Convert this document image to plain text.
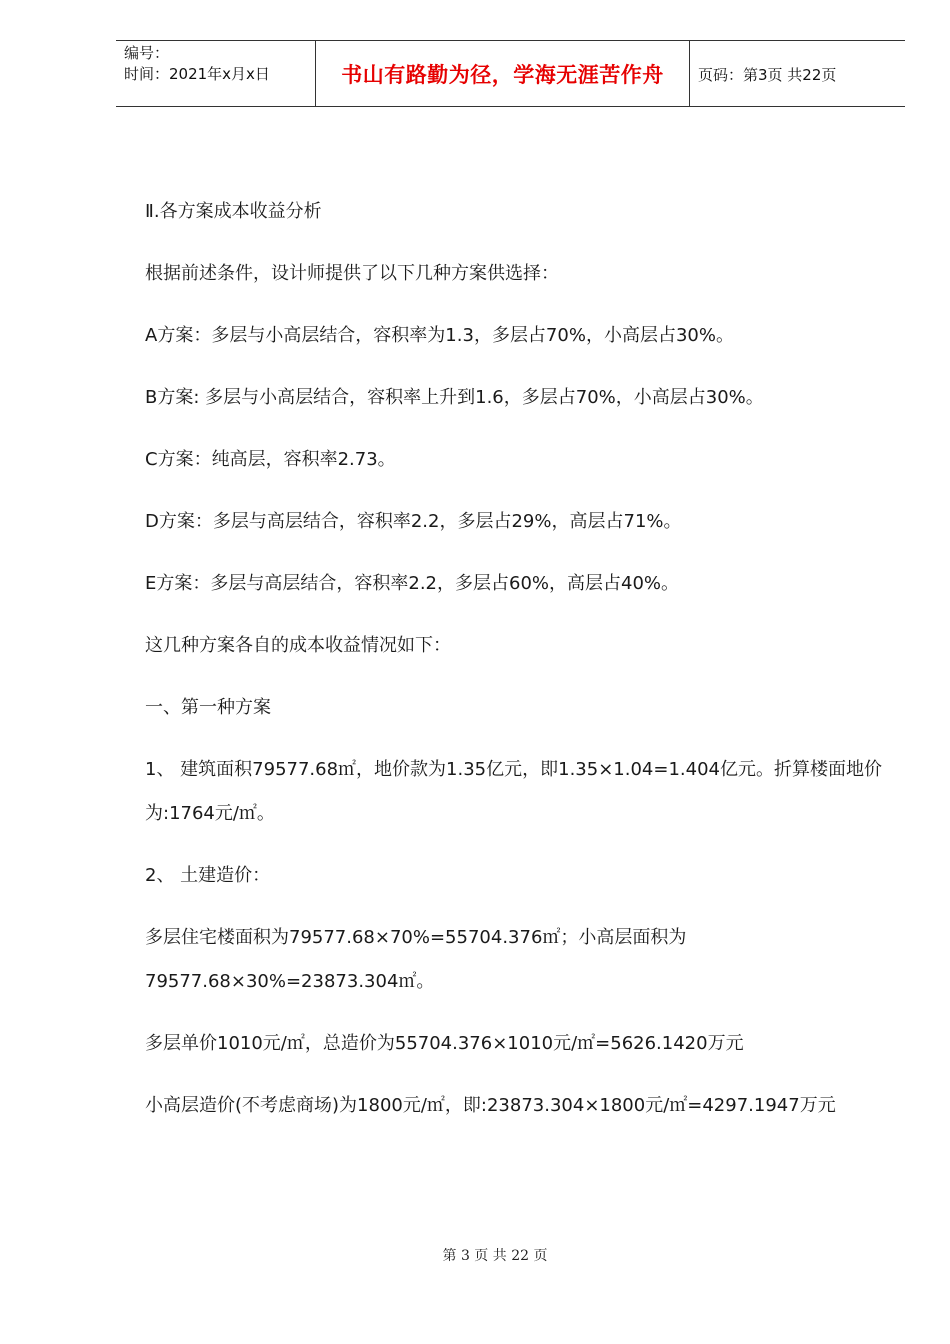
编号：
时间：2021年x月x日	书山有路勤为径，学海无涯苦作舟	页码：第3页 共22页

Ⅱ.各方案成本收益分析

根据前述条件，设计师提供了以下几种方案供选择：

A方案：多层与小高层结合，容积率为1.3，多层占70%，小高层占30%。

B方案: 多层与小高层结合，容积率上升到1.6，多层占70%，小高层占30%。

C方案：纯高层，容积率2.73。

D方案：多层与高层结合，容积率2.2，多层占29%，高层占71%。

E方案：多层与高层结合，容积率2.2，多层占60%，高层占40%。

这几种方案各自的成本收益情况如下：

一、第一种方案

1、 建筑面积79577.68㎡，地价款为1.35亿元，即1.35×1.04=1.404亿元。折算楼面地价为:1764元/㎡。

2、 土建造价：

多层住宅楼面积为79577.68×70%=55704.376㎡；小高层面积为79577.68×30%=23873.304㎡。

多层单价1010元/㎡，总造价为55704.376×1010元/㎡=5626.1420万元

小高层造价(不考虑商场)为1800元/㎡，即:23873.304×1800元/㎡=4297.1947万元

第 3 页 共 22 页
